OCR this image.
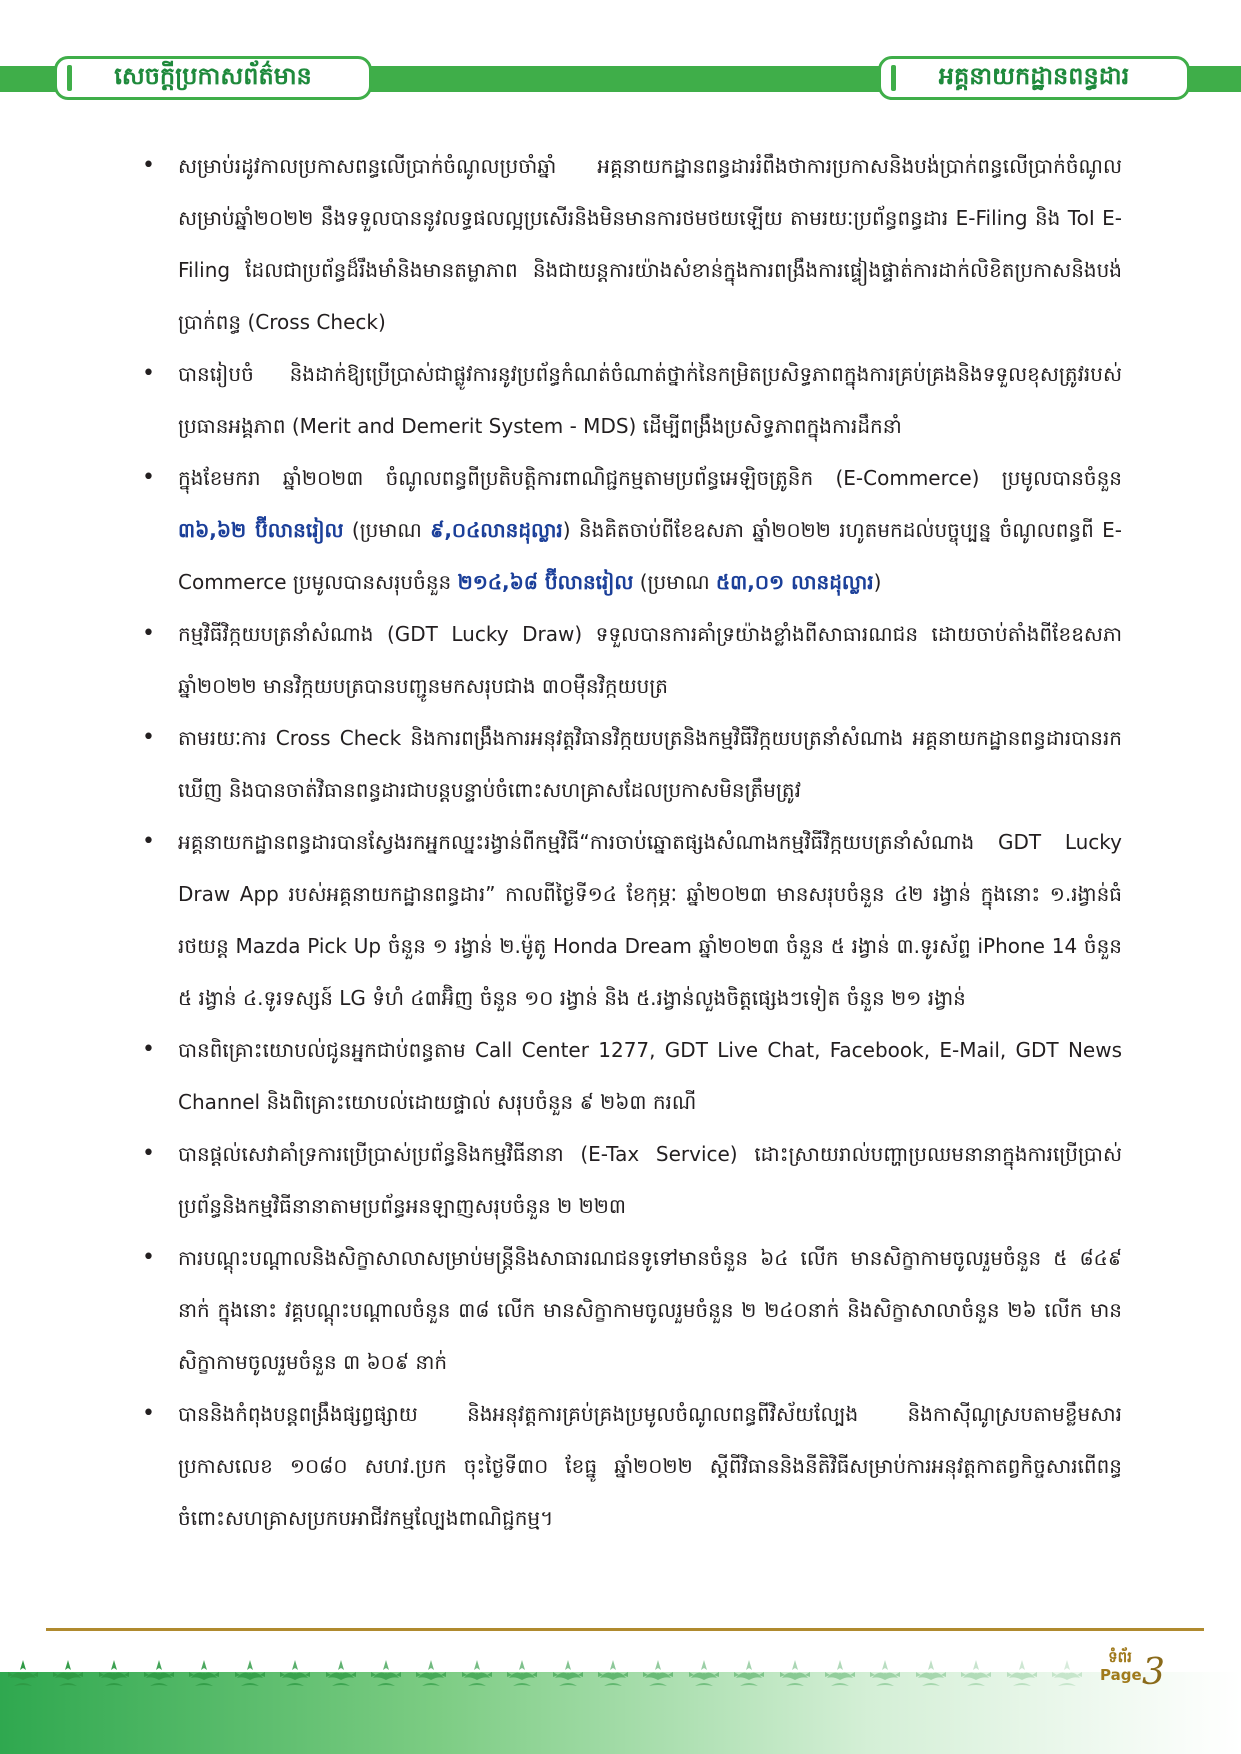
សេចក្តីប្រកាសព័ត៌មាន	អគ្គនាយកដ្ឋានពន្ធដារ
• សម្រាប់រដូវកាលប្រកាសពន្ធលើប្រាក់ចំណូលប្រចាំឆ្នាំ អគ្គនាយកដ្ឋានពន្ធដាររំពឹងថាការប្រកាសនិងបង់ប្រាក់ពន្ធលើប្រាក់ចំណូលសម្រាប់ឆ្នាំ២០២២ នឹងទទួលបាននូវលទ្ធផលល្អប្រសើរនិងមិនមានការថមថយឡើយ តាមរយៈប្រព័ន្ធពន្ធដារ E-Filing និង ToI E-Filing ដែលជាប្រព័ន្ធដ៏រឹងមាំនិងមានតម្លាភាព និងជាយន្តការយ៉ាងសំខាន់ក្នុងការពង្រឹងការផ្ទៀងផ្ទាត់ការដាក់លិខិតប្រកាសនិងបង់ប្រាក់ពន្ធ (Cross Check)
• បានរៀបចំ និងដាក់ឱ្យប្រើប្រាស់ជាផ្លូវការនូវប្រព័ន្ធកំណត់ចំណាត់ថ្នាក់នៃកម្រិតប្រសិទ្ធភាពក្នុងការគ្រប់គ្រងនិងទទួលខុសត្រូវរបស់ប្រធានអង្គភាព (Merit and Demerit System - MDS) ដើម្បីពង្រឹងប្រសិទ្ធភាពក្នុងការដឹកនាំ
• ក្នុងខែមករា ឆ្នាំ២០២៣ ចំណូលពន្ធពីប្រតិបត្តិការពាណិជ្ជកម្មតាមប្រព័ន្ធអេឡិចត្រូនិក (E-Commerce) ប្រមូលបានចំនួន ៣៦,៦២ ប៊ីលានរៀល (ប្រមាណ ៩,០៤លានដុល្លារ) និងគិតចាប់ពីខែឧសភា ឆ្នាំ២០២២ រហូតមកដល់បច្ចុប្បន្ន ចំណូលពន្ធពី E-Commerce ប្រមូលបានសរុបចំនួន ២១៤,៦៨ ប៊ីលានរៀល (ប្រមាណ ៥៣,០១ លានដុល្លារ)
• កម្មវិធីវិក្កយបត្រនាំសំណាង (GDT Lucky Draw) ទទួលបានការគាំទ្រយ៉ាងខ្លាំងពីសាធារណជន ដោយចាប់តាំងពីខែឧសភា ឆ្នាំ២០២២ មានវិក្កយបត្របានបញ្ជូនមកសរុបជាង ៣០ម៉ឺនវិក្កយបត្រ
• តាមរយៈការ Cross Check និងការពង្រឹងការអនុវត្តវិធានវិក្កយបត្រនិងកម្មវិធីវិក្កយបត្រនាំសំណាង អគ្គនាយកដ្ឋានពន្ធដារបានរកឃើញ និងបានចាត់វិធានពន្ធដារជាបន្តបន្ទាប់ចំពោះសហគ្រាសដែលប្រកាសមិនត្រឹមត្រូវ
• អគ្គនាយកដ្ឋានពន្ធដារបានស្វែងរកអ្នកឈ្នះរង្វាន់ពីកម្មវិធី“ការចាប់ឆ្នោតផ្សងសំណាងកម្មវិធីវិក្កយបត្រនាំសំណាង GDT Lucky Draw App របស់អគ្គនាយកដ្ឋានពន្ធដារ” កាលពីថ្ងៃទី១៤ ខែកុម្ភៈ ឆ្នាំ២០២៣ មានសរុបចំនួន ៤២ រង្វាន់ ក្នុងនោះ ១.រង្វាន់ធំរថយន្ត Mazda Pick Up ចំនួន ១ រង្វាន់ ២.ម៉ូតូ Honda Dream ឆ្នាំ២០២៣ ចំនួន ៥ រង្វាន់ ៣.ទូរស័ព្ទ iPhone 14 ចំនួន ៥ រង្វាន់ ៤.ទូរទស្សន៍ LG ទំហំ ៤៣អ៊ិញ ចំនួន ១០ រង្វាន់ និង ៥.រង្វាន់លួងចិត្តផ្សេងៗទៀត ចំនួន ២១ រង្វាន់
• បានពិគ្រោះយោបល់ជូនអ្នកជាប់ពន្ធតាម Call Center 1277, GDT Live Chat, Facebook, E-Mail, GDT News Channel និងពិគ្រោះយោបល់ដោយផ្ទាល់ សរុបចំនួន ៩ ២៦៣ ករណី
• បានផ្តល់សេវាគាំទ្រការប្រើប្រាស់ប្រព័ន្ធនិងកម្មវិធីនានា (E-Tax Service) ដោះស្រាយរាល់បញ្ហាប្រឈមនានាក្នុងការប្រើប្រាស់ប្រព័ន្ធនិងកម្មវិធីនានាតាមប្រព័ន្ធអនឡាញសរុបចំនួន ២ ២២៣
• ការបណ្តុះបណ្តាលនិងសិក្ខាសាលាសម្រាប់មន្ត្រីនិងសាធារណជនទូទៅមានចំនួន ៦៤ លើក មានសិក្ខាកាមចូលរួមចំនួន ៥ ៨៤៩ នាក់ ក្នុងនោះ វគ្គបណ្តុះបណ្តាលចំនួន ៣៨ លើក មានសិក្ខាកាមចូលរួមចំនួន ២ ២៤០នាក់ និងសិក្ខាសាលាចំនួន ២៦ លើក មានសិក្ខាកាមចូលរួមចំនួន ៣ ៦០៩ នាក់
• បាននិងកំពុងបន្តពង្រឹងផ្សព្វផ្សាយ និងអនុវត្តការគ្រប់គ្រងប្រមូលចំណូលពន្ធពីវិស័យល្បែង និងកាស៊ីណូស្របតាមខ្លឹមសារប្រកាសលេខ ១០៨០ សហវ.ប្រក ចុះថ្ងៃទី៣០ ខែធ្នូ ឆ្នាំ២០២២ ស្តីពីវិធាននិងនីតិវិធីសម្រាប់ការអនុវត្តកាតព្វកិច្ចសារពើពន្ធចំពោះសហគ្រាសប្រកបអាជីវកម្មល្បែងពាណិជ្ជកម្ម។
ទំព័រ Page 3
